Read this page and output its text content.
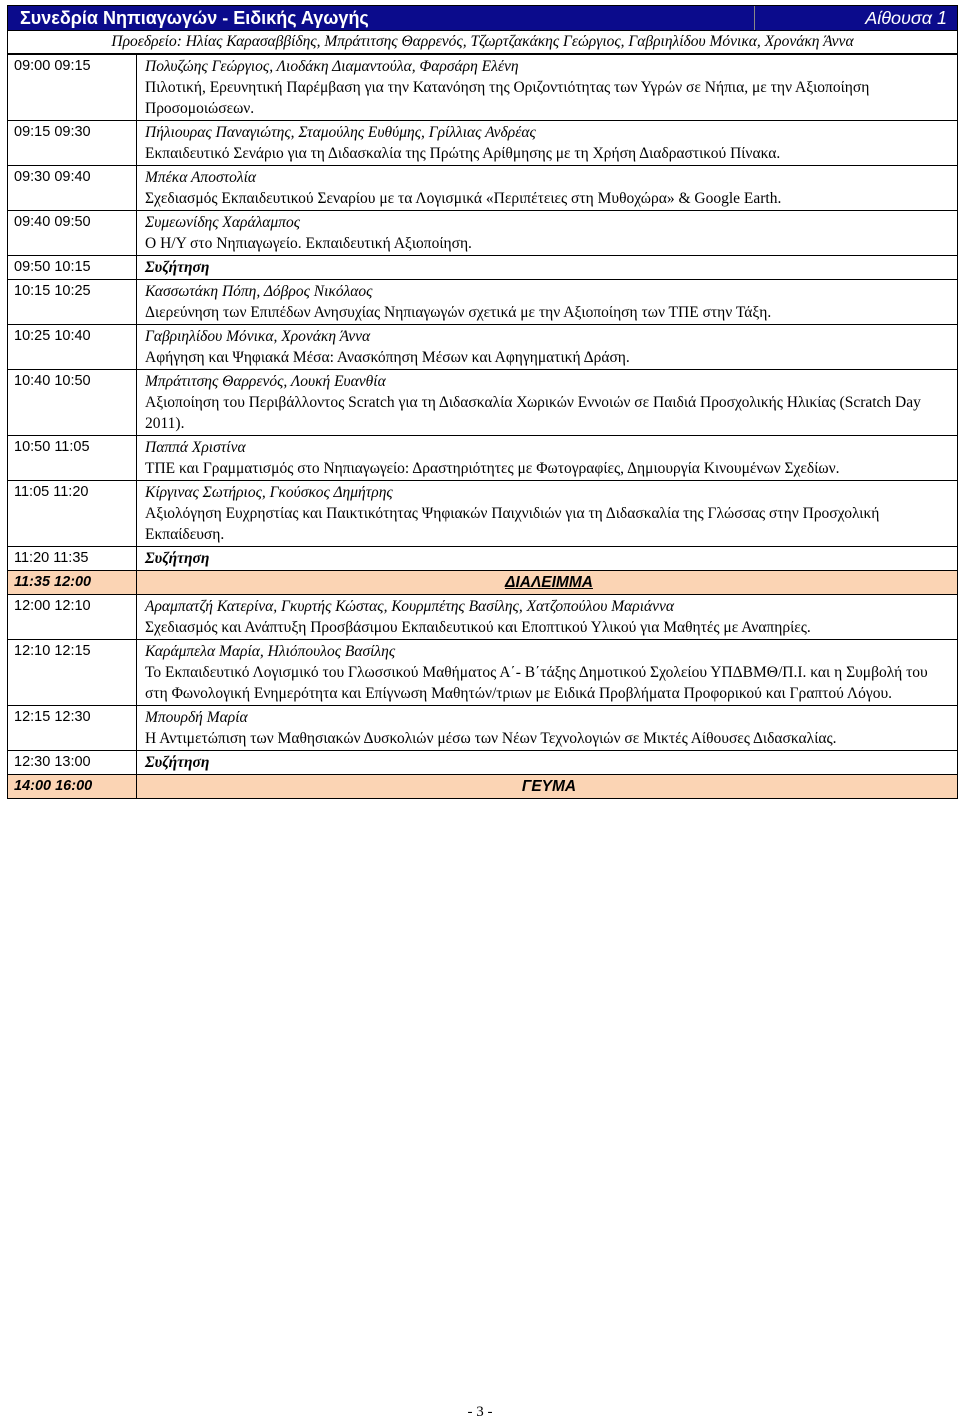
Συνεδρία Νηπιαγωγών - Ειδικής Αγωγής	Αίθουσα 1
Προεδρείο: Ηλίας Καρασαββίδης, Μπράτιτσης Θαρρενός, Τζωρτζακάκης Γεώργιος, Γαβριηλίδου Μόνικα, Χρονάκη Άννα
09:00 09:15	Πολυζώης Γεώργιος, Λιοδάκη Διαμαντούλα, Φαρσάρη Ελένη
Πιλοτική, Ερευνητική Παρέμβαση για την Κατανόηση της Οριζοντιότητας των Υγρών σε Νήπια, με την Αξιοποίηση Προσομοιώσεων.

09:15 09:30	Πήλιουρας Παναγιώτης, Σταμούλης Ευθύμης, Γρίλλιας Ανδρέας
Εκπαιδευτικό Σενάριο για τη Διδασκαλία της Πρώτης Αρίθμησης με τη Χρήση Διαδραστικού Πίνακα.

09:30 09:40	Μπέκα Αποστολία
Σχεδιασμός Εκπαιδευτικού Σεναρίου με τα Λογισμικά «Περιπέτειες στη Μυθοχώρα» & Google Earth.

09:40 09:50	Συμεωνίδης Χαράλαμπος
Ο Η/Υ στο Νηπιαγωγείο. Εκπαιδευτική Αξιοποίηση.

09:50 10:15	Συζήτηση
10:15 10:25	Κασσωτάκη Πόπη, Δόβρος Νικόλαος
Διερεύνηση των Επιπέδων Ανησυχίας Νηπιαγωγών σχετικά με την Αξιοποίηση των ΤΠΕ στην Τάξη.

10:25 10:40	Γαβριηλίδου Μόνικα, Χρονάκη Άννα
Αφήγηση και Ψηφιακά Μέσα: Ανασκόπηση Μέσων και Αφηγηματική Δράση.

10:40 10:50	Μπράτιτσης Θαρρενός, Λουκή Ευανθία
Αξιοποίηση του Περιβάλλοντος Scratch για τη Διδασκαλία Χωρικών Εννοιών σε Παιδιά Προσχολικής Ηλικίας (Scratch Day 2011).

10:50 11:05	Παππά Χριστίνα
ΤΠΕ και Γραμματισμός στο Νηπιαγωγείο: Δραστηριότητες με Φωτογραφίες, Δημιουργία Κινουμένων Σχεδίων.

11:05 11:20	Κίργινας Σωτήριος, Γκούσκος Δημήτρης
Αξιολόγηση Ευχρηστίας και Παικτικότητας Ψηφιακών Παιχνιδιών για τη Διδασκαλία της Γλώσσας στην Προσχολική Εκπαίδευση.

11:20 11:35	Συζήτηση
11:35 12:00	ΔΙΑΛΕΙΜΜΑ
12:00 12:10	Αραμπατζή Κατερίνα, Γκυρτής Κώστας, Κουρμπέτης Βασίλης, Χατζοπούλου Μαριάννα
Σχεδιασμός και Ανάπτυξη Προσβάσιμου Εκπαιδευτικού και Εποπτικού Υλικού για Μαθητές με Αναπηρίες.

12:10 12:15	Καράμπελα Μαρία, Ηλιόπουλος Βασίλης
Το Εκπαιδευτικό Λογισμικό του Γλωσσικού Μαθήματος Α΄- Β΄τάξης Δημοτικού Σχολείου ΥΠΔΒΜΘ/Π.Ι. και η Συμβολή του στη Φωνολογική Ενημερότητα και Επίγνωση Μαθητών/τριων με Ειδικά Προβλήματα Προφορικού και Γραπτού Λόγου.

12:15 12:30	Μπουρδή Μαρία
Η Αντιμετώπιση των Μαθησιακών Δυσκολιών μέσω των Νέων Τεχνολογιών σε Μικτές Αίθουσες Διδασκαλίας.

12:30 13:00	Συζήτηση
14:00 16:00	ΓΕΥΜΑ
- 3 -
